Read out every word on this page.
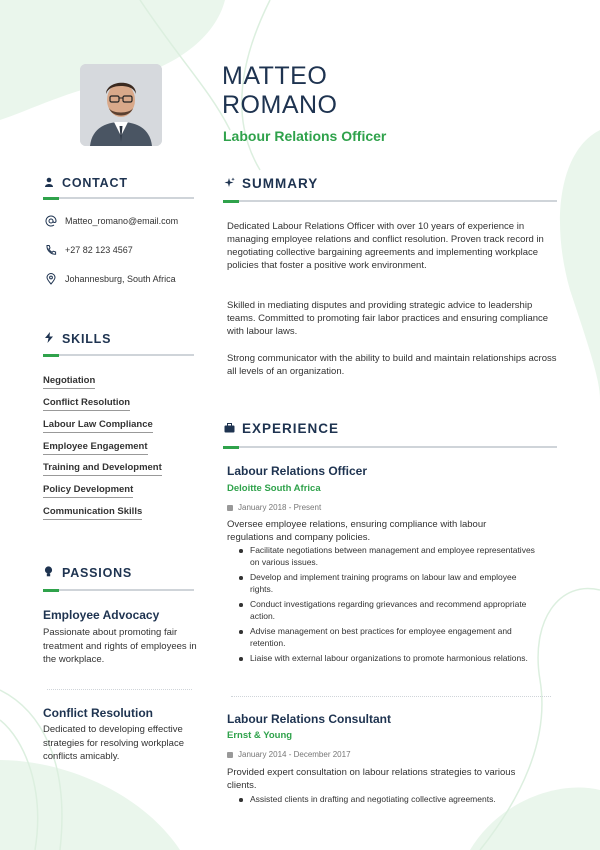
MATTEO
ROMANO
Labour Relations Officer
CONTACT
Matteo_romano@email.com
+27 82 123 4567
Johannesburg, South Africa
SKILLS
Negotiation
Conflict Resolution
Labour Law Compliance
Employee Engagement
Training and Development
Policy Development
Communication Skills
PASSIONS
Employee Advocacy
Passionate about promoting fair treatment and rights of employees in the workplace.
Conflict Resolution
Dedicated to developing effective strategies for resolving workplace conflicts amicably.
SUMMARY
Dedicated Labour Relations Officer with over 10 years of experience in managing employee relations and conflict resolution. Proven track record in negotiating collective bargaining agreements and implementing workplace policies that foster a positive work environment.
Skilled in mediating disputes and providing strategic advice to leadership teams. Committed to promoting fair labor practices and ensuring compliance with labour laws.
Strong communicator with the ability to build and maintain relationships across all levels of an organization.
EXPERIENCE
Labour Relations Officer
Deloitte South Africa
January 2018 - Present
Oversee employee relations, ensuring compliance with labour regulations and company policies.
Facilitate negotiations between management and employee representatives on various issues.
Develop and implement training programs on labour law and employee rights.
Conduct investigations regarding grievances and recommend appropriate action.
Advise management on best practices for employee engagement and retention.
Liaise with external labour organizations to promote harmonious relations.
Labour Relations Consultant
Ernst & Young
January 2014 - December 2017
Provided expert consultation on labour relations strategies to various clients.
Assisted clients in drafting and negotiating collective agreements.
